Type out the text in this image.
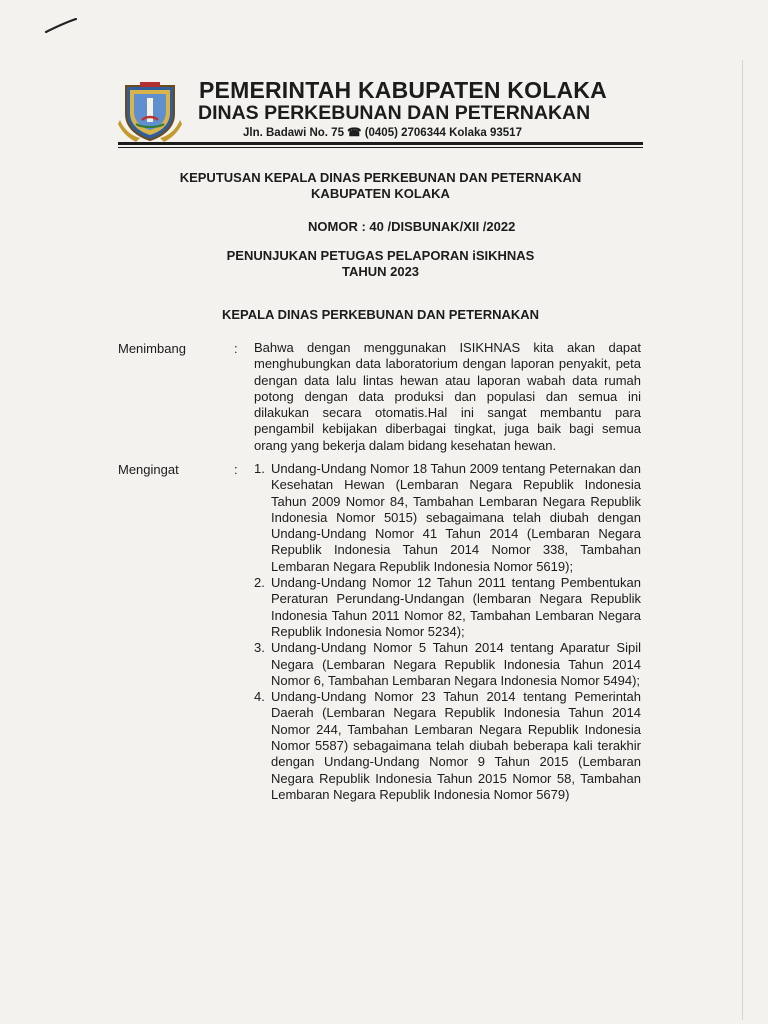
PEMERINTAH KABUPATEN KOLAKA
DINAS PERKEBUNAN DAN PETERNAKAN
Jln. Badawi No. 75 ☎ (0405) 2706344 Kolaka 93517
KEPUTUSAN KEPALA DINAS PERKEBUNAN DAN PETERNAKAN
KABUPATEN KOLAKA
NOMOR : 40 /DISBUNAK/XII /2022
PENUNJUKAN PETUGAS PELAPORAN iSIKHNAS
TAHUN 2023
KEPALA DINAS PERKEBUNAN DAN PETERNAKAN
Menimbang	: Bahwa dengan menggunakan ISIKHNAS kita akan dapat menghubungkan data laboratorium dengan laporan penyakit, peta dengan data lalu lintas hewan atau laporan wabah data rumah potong dengan data produksi dan populasi dan semua ini dilakukan secara otomatis.Hal ini sangat membantu para pengambil kebijakan diberbagai tingkat, juga baik bagi semua orang yang bekerja dalam bidang kesehatan hewan.
Mengingat	: 1. Undang-Undang Nomor 18 Tahun 2009 tentang Peternakan dan Kesehatan Hewan (Lembaran Negara Republik Indonesia Tahun 2009 Nomor 84, Tambahan Lembaran Negara Republik Indonesia Nomor 5015) sebagaimana telah diubah dengan Undang-Undang Nomor 41 Tahun 2014 (Lembaran Negara Republik Indonesia Tahun 2014 Nomor 338, Tambahan Lembaran Negara Republik Indonesia Nomor 5619);
2. Undang-Undang Nomor 12 Tahun 2011 tentang Pembentukan Peraturan Perundang-Undangan (lembaran Negara Republik Indonesia Tahun 2011 Nomor 82, Tambahan Lembaran Negara Republik Indonesia Nomor 5234);
3. Undang-Undang Nomor 5 Tahun 2014 tentang Aparatur Sipil Negara (Lembaran Negara Republik Indonesia Tahun 2014 Nomor 6, Tambahan Lembaran Negara Indonesia Nomor 5494);
4. Undang-Undang Nomor 23 Tahun 2014 tentang Pemerintah Daerah (Lembaran Negara Republik Indonesia Tahun 2014 Nomor 244, Tambahan Lembaran Negara Republik Indonesia Nomor 5587) sebagaimana telah diubah beberapa kali terakhir dengan Undang-Undang Nomor 9 Tahun 2015 (Lembaran Negara Republik Indonesia Tahun 2015 Nomor 58, Tambahan Lembaran Negara Republik Indonesia Nomor 5679)
